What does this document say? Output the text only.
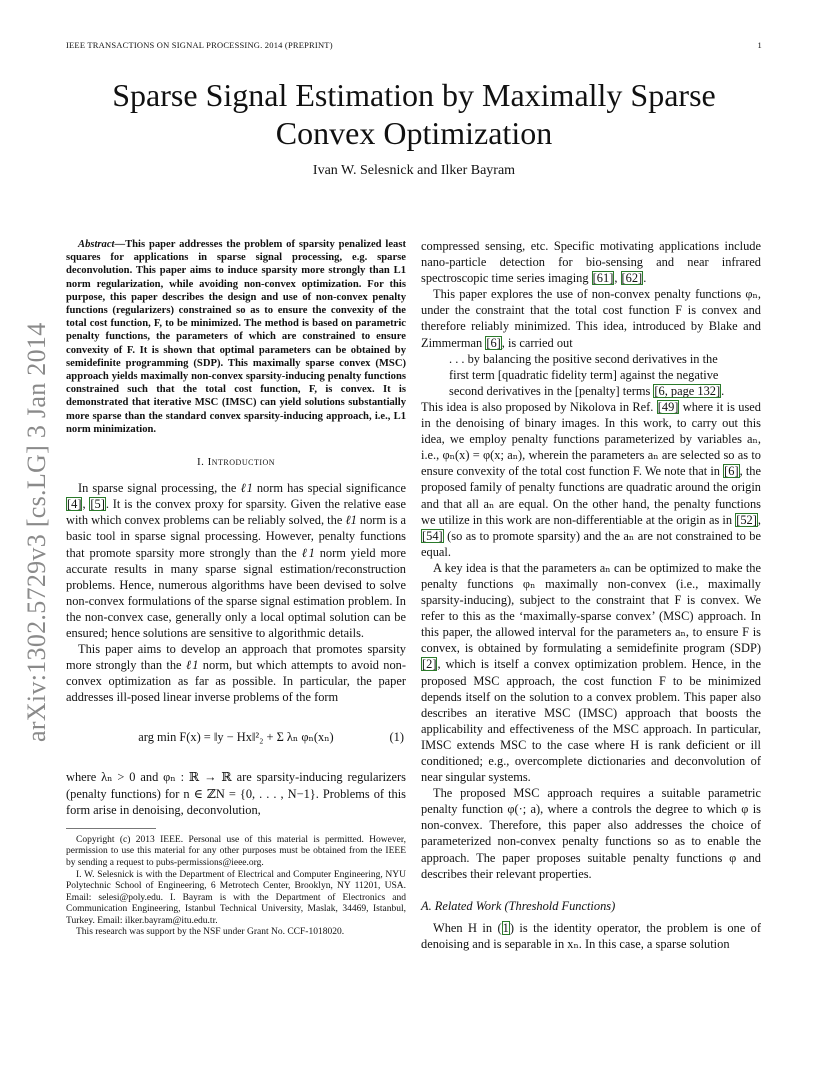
IEEE TRANSACTIONS ON SIGNAL PROCESSING. 2014 (PREPRINT)	1
arXiv:1302.5729v3 [cs.LG] 3 Jan 2014
Sparse Signal Estimation by Maximally Sparse
Convex Optimization
Ivan W. Selesnick and Ilker Bayram

Abstract—This paper addresses the problem of sparsity penalized least squares for applications in sparse signal processing, e.g. sparse deconvolution. This paper aims to induce sparsity more strongly than L1 norm regularization, while avoiding non-convex optimization. For this purpose, this paper describes the design and use of non-convex penalty functions (regularizers) constrained so as to ensure the convexity of the total cost function, F, to be minimized. The method is based on parametric penalty functions, the parameters of which are constrained to ensure convexity of F. It is shown that optimal parameters can be obtained by semidefinite programming (SDP). This maximally sparse convex (MSC) approach yields maximally non-convex sparsity-inducing penalty functions constrained such that the total cost function, F, is convex. It is demonstrated that iterative MSC (IMSC) can yield solutions substantially more sparse than the standard convex sparsity-inducing approach, i.e., L1 norm minimization.

I. Introduction

In sparse signal processing, the ℓ1 norm has special significance [4], [5]. It is the convex proxy for sparsity. Given the relative ease with which convex problems can be reliably solved, the ℓ1 norm is a basic tool in sparse signal processing. However, penalty functions that promote sparsity more strongly than the ℓ1 norm yield more accurate results in many sparse signal estimation/reconstruction problems. Hence, numerous algorithms have been devised to solve non-convex formulations of the sparse signal estimation problem. In the non-convex case, generally only a local optimal solution can be ensured; hence solutions are sensitive to algorithmic details.

This paper aims to develop an approach that promotes sparsity more strongly than the ℓ1 norm, but which attempts to avoid non-convex optimization as far as possible. In particular, the paper addresses ill-posed linear inverse problems of the form

arg min F(x) = ‖y − Hx‖²₂ + Σ λₙ φₙ(xₙ)	(1)

where λₙ > 0 and φₙ : ℝ → ℝ are sparsity-inducing regularizers (penalty functions) for n ∈ ℤN = {0, . . . , N−1}. Problems of this form arise in denoising, deconvolution,

Copyright (c) 2013 IEEE. Personal use of this material is permitted. However, permission to use this material for any other purposes must be obtained from the IEEE by sending a request to pubs-permissions@ieee.org.
I. W. Selesnick is with the Department of Electrical and Computer Engineering, NYU Polytechnic School of Engineering, 6 Metrotech Center, Brooklyn, NY 11201, USA. Email: selesi@poly.edu. I. Bayram is with the Department of Electronics and Communication Engineering, Istanbul Technical University, Maslak, 34469, Istanbul, Turkey. Email: ilker.bayram@itu.edu.tr.
This research was support by the NSF under Grant No. CCF-1018020.

compressed sensing, etc. Specific motivating applications include nano-particle detection for bio-sensing and near infrared spectroscopic time series imaging [61], [62].

This paper explores the use of non-convex penalty functions φₙ, under the constraint that the total cost function F is convex and therefore reliably minimized. This idea, introduced by Blake and Zimmerman [6], is carried out

. . . by balancing the positive second derivatives in the first term [quadratic fidelity term] against the negative second derivatives in the [penalty] terms [6, page 132].

This idea is also proposed by Nikolova in Ref. [49] where it is used in the denoising of binary images. In this work, to carry out this idea, we employ penalty functions parameterized by variables aₙ, i.e., φₙ(x) = φ(x; aₙ), wherein the parameters aₙ are selected so as to ensure convexity of the total cost function F. We note that in [6], the proposed family of penalty functions are quadratic around the origin and that all aₙ are equal. On the other hand, the penalty functions we utilize in this work are non-differentiable at the origin as in [52], [54] (so as to promote sparsity) and the aₙ are not constrained to be equal.

A key idea is that the parameters aₙ can be optimized to make the penalty functions φₙ maximally non-convex (i.e., maximally sparsity-inducing), subject to the constraint that F is convex. We refer to this as the ‘maximally-sparse convex’ (MSC) approach. In this paper, the allowed interval for the parameters aₙ, to ensure F is convex, is obtained by formulating a semidefinite program (SDP) [2], which is itself a convex optimization problem. Hence, in the proposed MSC approach, the cost function F to be minimized depends itself on the solution to a convex problem. This paper also describes an iterative MSC (IMSC) approach that boosts the applicability and effectiveness of the MSC approach. In particular, IMSC extends MSC to the case where H is rank deficient or ill conditioned; e.g., overcomplete dictionaries and deconvolution of near singular systems.

The proposed MSC approach requires a suitable parametric penalty function φ(·; a), where a controls the degree to which φ is non-convex. Therefore, this paper also addresses the choice of parameterized non-convex penalty functions so as to enable the approach. The paper proposes suitable penalty functions φ and describes their relevant properties.

A. Related Work (Threshold Functions)

When H in (1) is the identity operator, the problem is one of denoising and is separable in xₙ. In this case, a sparse solution
